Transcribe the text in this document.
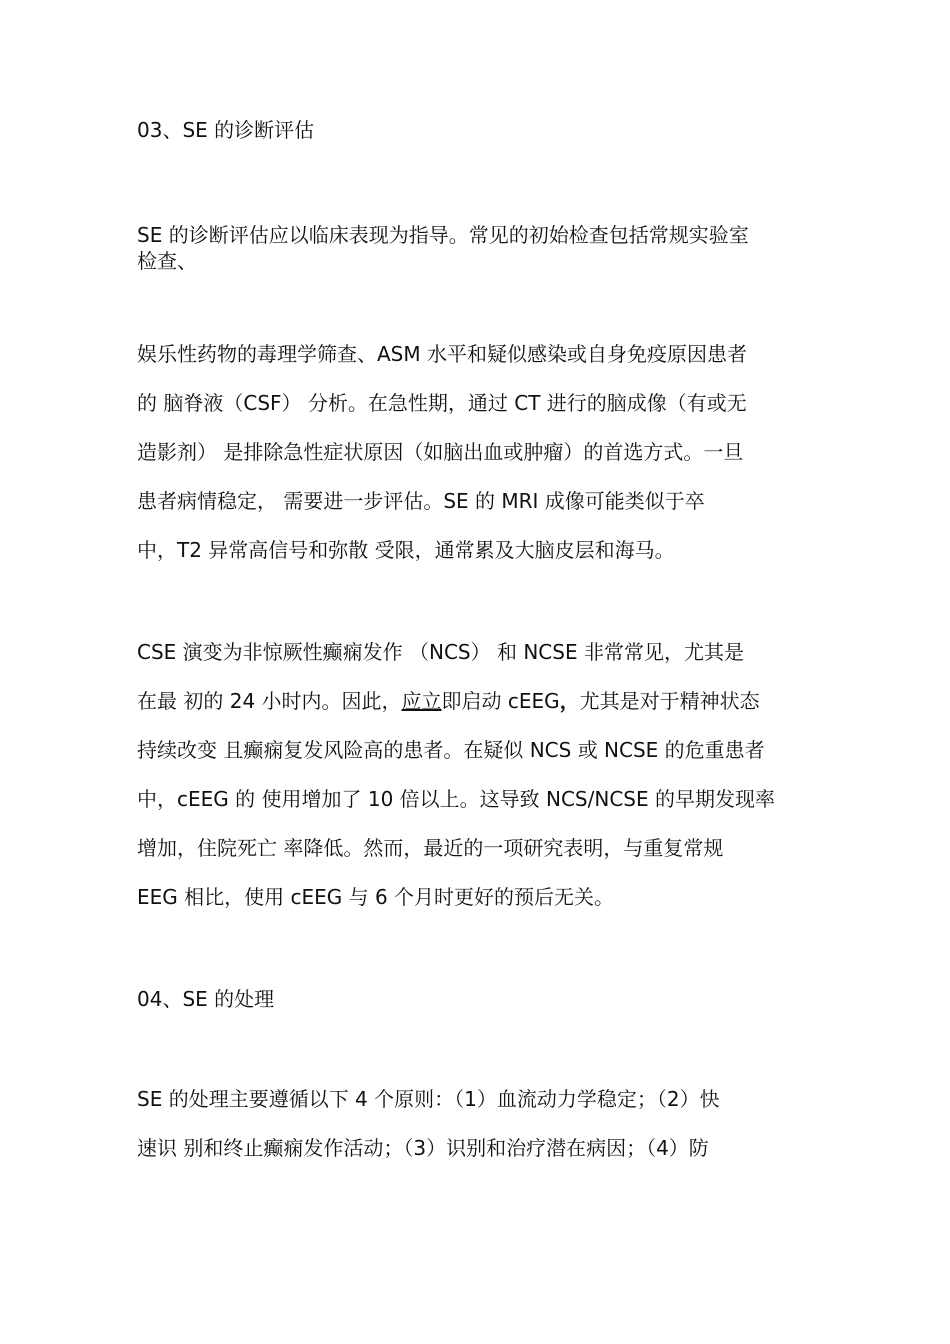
03、SE 的诊断评估

SE 的诊断评估应以临床表现为指导。常见的初始检查包括常规实验室
检查、

娱乐性药物的毒理学筛查、ASM 水平和疑似感染或自身免疫原因患者
的 脑脊液（CSF） 分析。在急性期，通过 CT 进行的脑成像（有或无
造影剂） 是排除急性症状原因（如脑出血或肿瘤）的首选方式。一旦
患者病情稳定， 需要进一步评估。SE 的 MRI 成像可能类似于卒
中，T2 异常高信号和弥散 受限，通常累及大脑皮层和海马。

CSE 演变为非惊厥性癫痫发作 （NCS） 和 NCSE 非常常见，尤其是
在最 初的 24 小时内。因此，应立即启动 cEEG，尤其是对于精神状态
持续改变 且癫痫复发风险高的患者。在疑似 NCS 或 NCSE 的危重患者
中，cEEG 的 使用增加了 10 倍以上。这导致 NCS/NCSE 的早期发现率
增加，住院死亡 率降低。然而，最近的一项研究表明，与重复常规
EEG 相比，使用 cEEG 与 6 个月时更好的预后无关。

04、SE 的处理

SE 的处理主要遵循以下 4 个原则：（1）血流动力学稳定；（2）快
速识 别和终止癫痫发作活动；（3）识别和治疗潜在病因；（4）防
